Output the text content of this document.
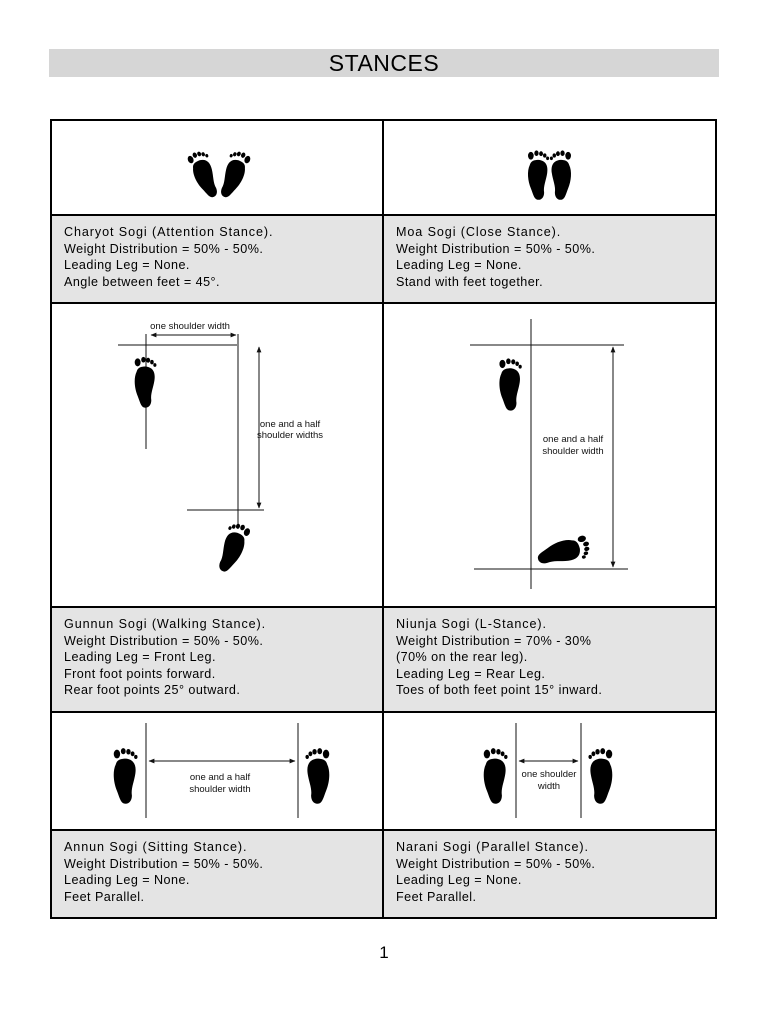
STANCES
Charyot Sogi (Attention Stance).
Weight Distribution = 50% - 50%.
Leading Leg = None.
Angle between feet = 45°.
Moa Sogi (Close Stance).
Weight Distribution = 50% - 50%.
Leading Leg = None.
Stand with feet together.
one shoulder width
one and a half
shoulder widths	one and a half
shoulder width
Gunnun Sogi (Walking Stance).
Weight Distribution = 50% - 50%.
Leading Leg = Front Leg.
Front foot points forward.
Rear foot points 25° outward.
Niunja Sogi (L-Stance).
Weight Distribution = 70% - 30%
(70% on the rear leg).
Leading Leg = Rear Leg.
Toes of both feet point 15° inward.
one and a half
shoulder width
one shoulder
width
Annun Sogi (Sitting Stance).
Weight Distribution = 50% - 50%.
Leading Leg = None.
Feet Parallel.
Narani Sogi (Parallel Stance).
Weight Distribution = 50% - 50%.
Leading Leg = None.
Feet Parallel.
1
